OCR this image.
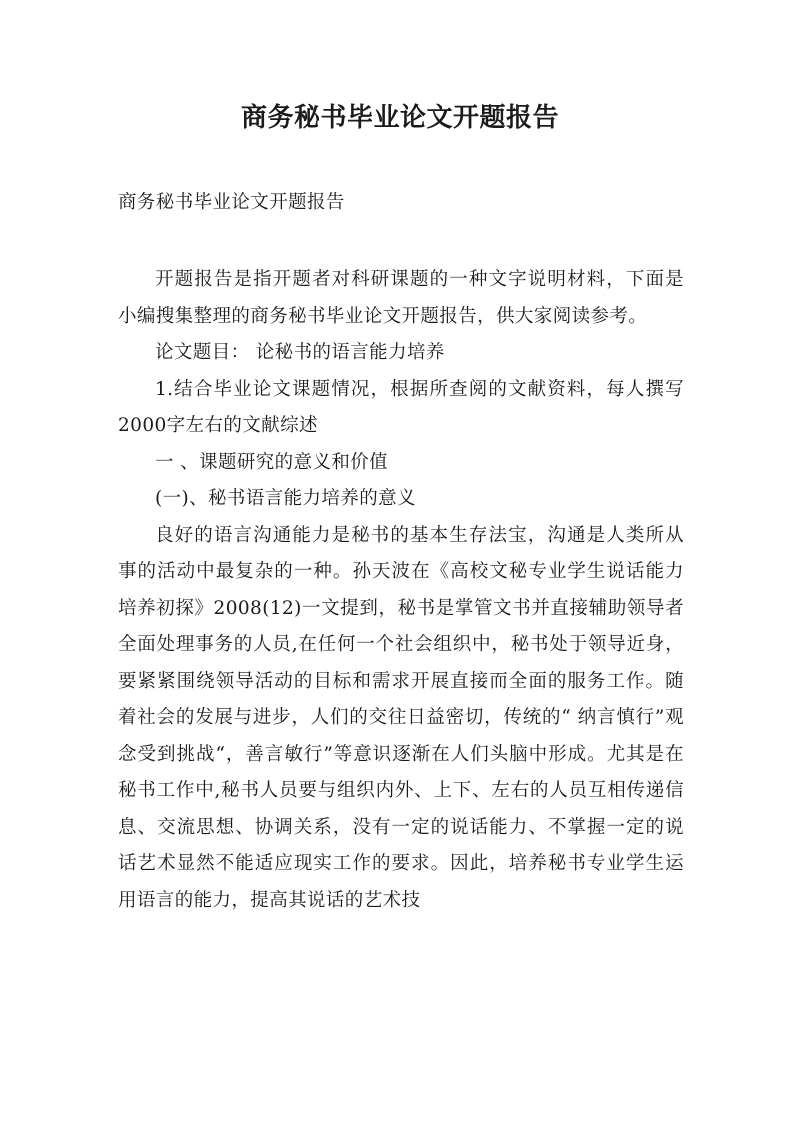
商务秘书毕业论文开题报告
商务秘书毕业论文开题报告

开题报告是指开题者对科研课题的一种文字说明材料，下面是小编搜集整理的商务秘书毕业论文开题报告，供大家阅读参考。

论文题目： 论秘书的语言能力培养

1.结合毕业论文课题情况，根据所查阅的文献资料，每人撰写2000字左右的文献综述

一 、课题研究的意义和价值

(一)、秘书语言能力培养的意义

良好的语言沟通能力是秘书的基本生存法宝，沟通是人类所从事的活动中最复杂的一种。孙天波在《高校文秘专业学生说话能力培养初探》2008(12)一文提到，秘书是掌管文书并直接辅助领导者全面处理事务的人员,在任何一个社会组织中，秘书处于领导近身，要紧紧围绕领导活动的目标和需求开展直接而全面的服务工作。随着社会的发展与进步，人们的交往日益密切，传统的“ 纳言慎行”观念受到挑战“，善言敏行”等意识逐渐在人们头脑中形成。尤其是在秘书工作中,秘书人员要与组织内外、上下、左右的人员互相传递信息、交流思想、协调关系，没有一定的说话能力、不掌握一定的说话艺术显然不能适应现实工作的要求。因此，培养秘书专业学生运用语言的能力，提高其说话的艺术技
